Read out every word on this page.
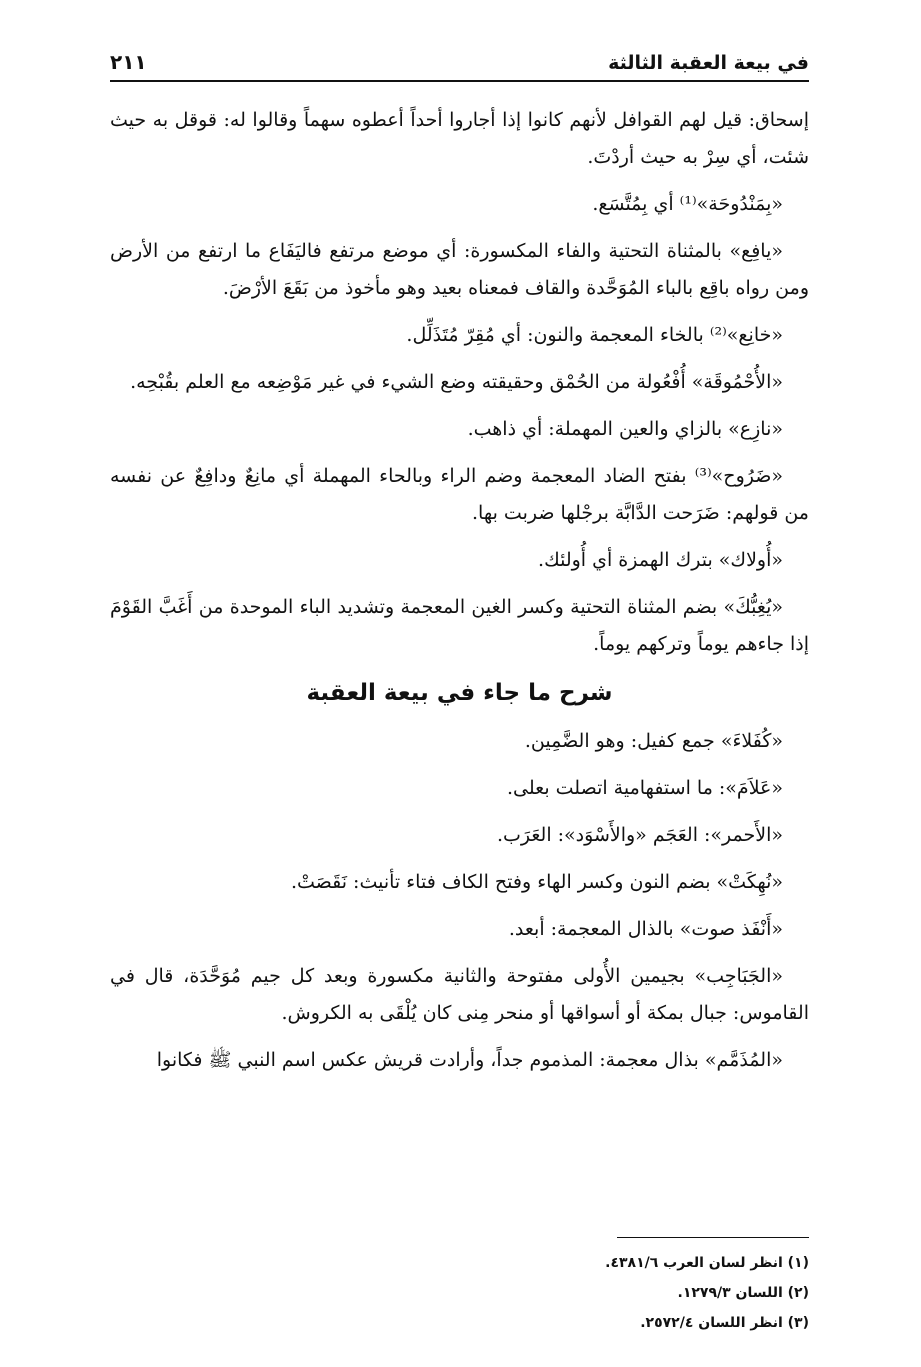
في بيعة العقبة الثالثة
٢١١

إسحاق: قيل لهم القوافل لأنهم كانوا إذا أجاروا أحداً أعطوه سهماً وقالوا له: قوقل به حيث شئت، أي سِرْ به حيث أردْتَ.

«بِمَنْدُوحَة»⁽¹⁾ أي بِمُتَّسَع.

«يافِع» بالمثناة التحتية والفاء المكسورة: أي موضع مرتفع فاليَفَاع ما ارتفع من الأرض ومن رواه باقِع بالباء المُوَحَّدة والقاف فمعناه بعيد وهو مأخوذ من بَقَعَ الأرْضَ.

«خانِع»⁽²⁾ بالخاء المعجمة والنون: أي مُقِرّ مُتَذَلِّل.

«الأُحْمُوقَة» أُفْعُولة من الحُمْق وحقيقته وضع الشيء في غير مَوْضِعه مع العلم بقُبْحِه.

«نازِع» بالزاي والعين المهملة: أي ذاهب.

«ضَرُوح»⁽³⁾ بفتح الضاد المعجمة وضم الراء وبالحاء المهملة أي مانِعٌ ودافِعٌ عن نفسه من قولهم: ضَرَحت الدَّابَّة برجْلها ضربت بها.

«أُولاك» بترك الهمزة أي أُولئك.

«يُغِبُّكَ» بضم المثناة التحتية وكسر الغين المعجمة وتشديد الباء الموحدة من أَغَبَّ القَوْمَ إذا جاءهم يوماً وتركهم يوماً.

شرح ما جاء في بيعة العقبة

«كُفَلاءَ» جمع كفيل: وهو الضَّمِين.

«عَلاَمَ»: ما استفهامية اتصلت بعلى.

«الأَحمر»: العَجَم «والأَسْوَد»: العَرَب.

«نُهِكَتْ» بضم النون وكسر الهاء وفتح الكاف فتاء تأنيث: نَقَصَتْ.

«أَنْفَذ صوت» بالذال المعجمة: أبعد.

«الجَبَاجِب» بجيمين الأُولى مفتوحة والثانية مكسورة وبعد كل جيم مُوَحَّدَة، قال في القاموس: جبال بمكة أو أسواقها أو منحر مِنى كان يُلْقَى به الكروش.

«المُذَمَّم» بذال معجمة: المذموم جداً، وأرادت قريش عكس اسم النبي ﷺ فكانوا

(١) انظر لسان العرب ٤٣٨١/٦.
(٢) اللسان ١٢٧٩/٣.
(٣) انظر اللسان ٢٥٧٢/٤.
